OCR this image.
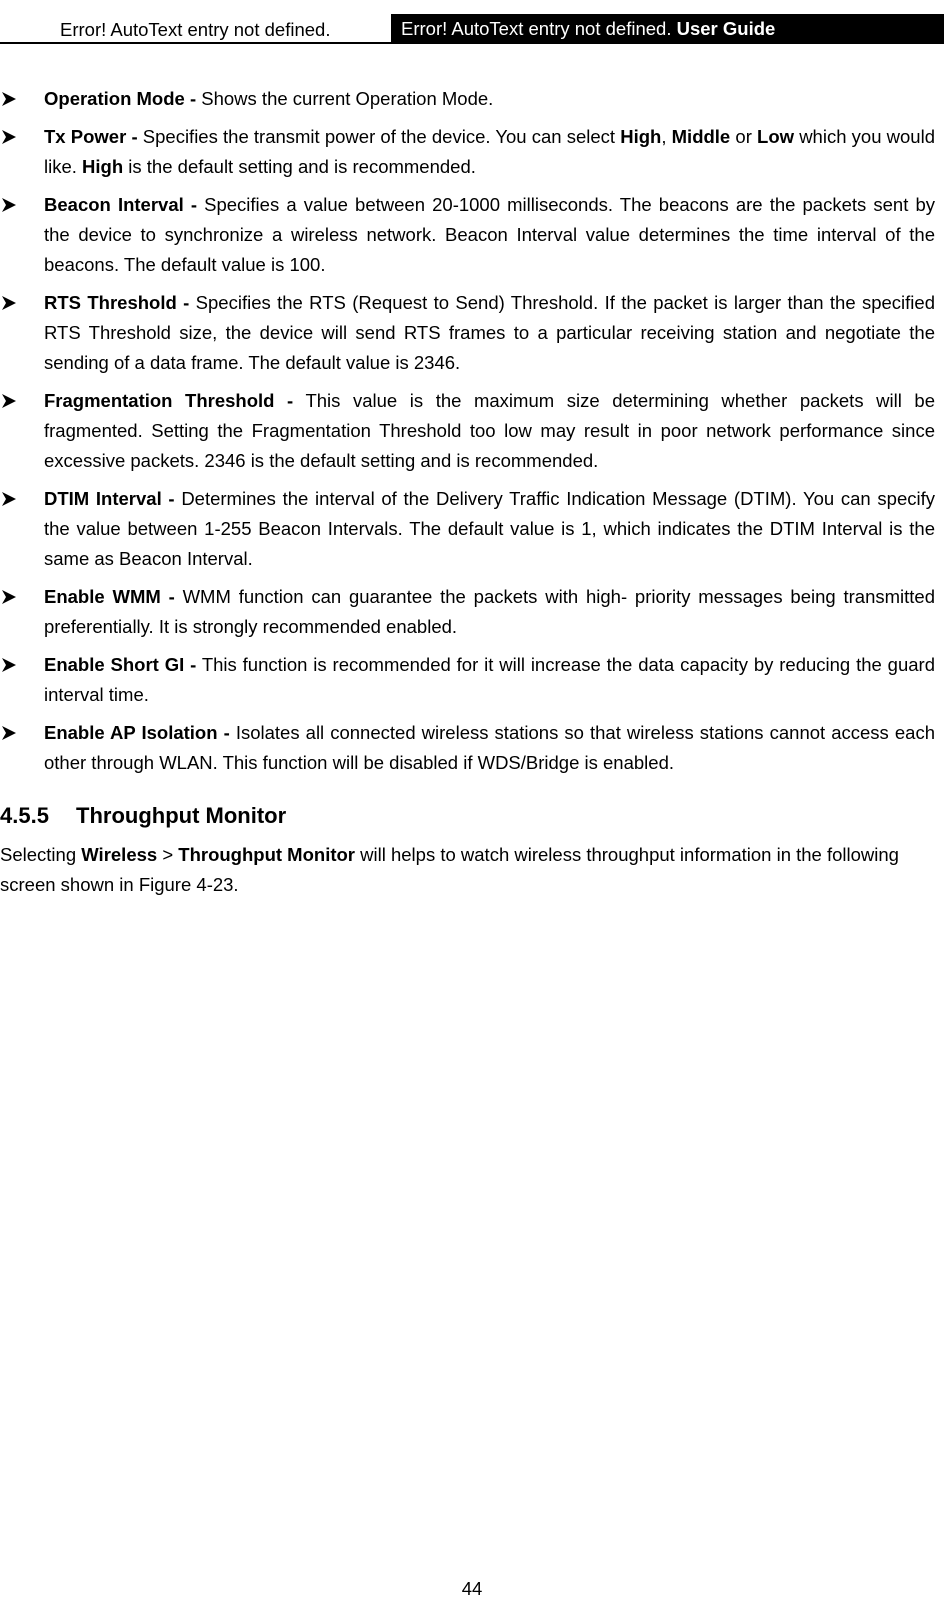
Error! AutoText entry not defined.	Error! AutoText entry not defined. User Guide
Operation Mode - Shows the current Operation Mode.
Tx Power - Specifies the transmit power of the device. You can select High, Middle or Low which you would like. High is the default setting and is recommended.
Beacon Interval - Specifies a value between 20-1000 milliseconds. The beacons are the packets sent by the device to synchronize a wireless network. Beacon Interval value determines the time interval of the beacons. The default value is 100.
RTS Threshold - Specifies the RTS (Request to Send) Threshold. If the packet is larger than the specified RTS Threshold size, the device will send RTS frames to a particular receiving station and negotiate the sending of a data frame. The default value is 2346.
Fragmentation Threshold - This value is the maximum size determining whether packets will be fragmented. Setting the Fragmentation Threshold too low may result in poor network performance since excessive packets. 2346 is the default setting and is recommended.
DTIM Interval - Determines the interval of the Delivery Traffic Indication Message (DTIM). You can specify the value between 1-255 Beacon Intervals. The default value is 1, which indicates the DTIM Interval is the same as Beacon Interval.
Enable WMM - WMM function can guarantee the packets with high- priority messages being transmitted preferentially. It is strongly recommended enabled.
Enable Short GI - This function is recommended for it will increase the data capacity by reducing the guard interval time.
Enable AP Isolation - Isolates all connected wireless stations so that wireless stations cannot access each other through WLAN. This function will be disabled if WDS/Bridge is enabled.
4.5.5 Throughput Monitor
Selecting Wireless > Throughput Monitor will helps to watch wireless throughput information in the following screen shown in Figure 4-23.
44
